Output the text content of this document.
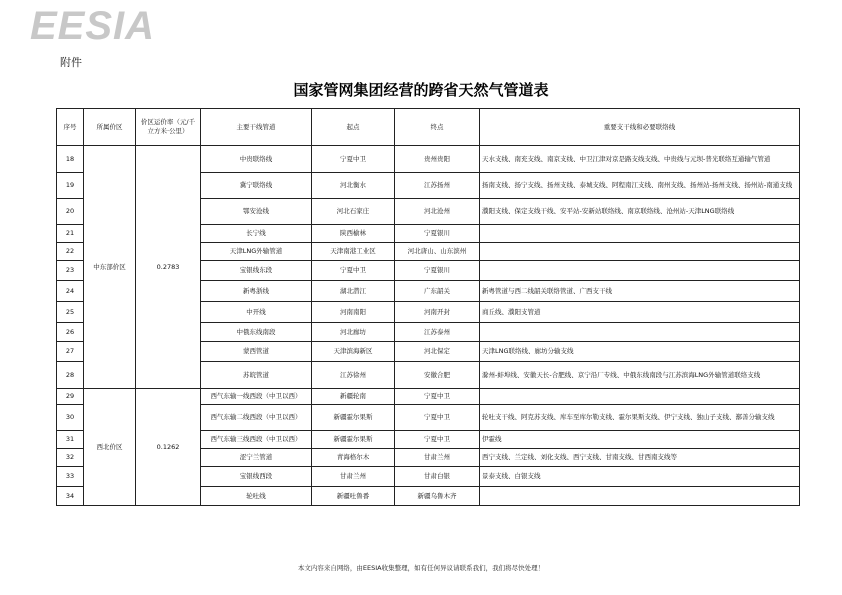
EESIA
附件
国家管网集团经营的跨省天然气管道表
序号	所属价区	价区运价率（元/千立方米·公里）	主要干线管道	起点	终点	重要支干线和必要联络线
18	中东部价区	0.2783	中贵联络线	宁夏中卫	贵州贵阳	天水支线、南充支线、南京支线、中卫江津对京是路支线支线、中贵线与元坝-普光联络互通输气管道
19			冀宁联络线	河北衡水	江苏扬州	扬南支线、扬宁支线、扬州支线、泰城支线、阿程南江支线、南州支线、扬州站-扬州支线、扬州站-南通支线
20			鄂安沧线	河北石家庄	河北沧州	濮阳支线、保定支线干线、安平站-安新站联络线、南京联络线、沧州站-天津LNG联络线
21			长宁线	陕西榆林	宁夏银川	
22			天津LNG外输管道	天津南港工业区	河北唐山、山东滨州	
23			宝银线东段	宁夏中卫	宁夏银川	
24			新粤浙线	湖北潜江	广东韶关	新粤管道与西二线韶关联络管道、广西支干线
25			中开线	河南南阳	河南开封	商丘线、濮阳支管道
26			中俄东线南段	河北廊坊	江苏泰州	
27			蒙西管道	天津滨海新区	河北保定	天津LNG联络线、廊坊分输支线
28			苏皖管道	江苏徐州	安徽合肥	滁州-蚌埠线、安徽天长-合肥线、京宁沿厂专线、中俄东线南段与江苏滨海LNG外输管道联络支线
29	西北价区	0.1262	西气东输一线西段（中卫以西）	新疆轮南	宁夏中卫	
30			西气东输二线西段（中卫以西）	新疆霍尔果斯	宁夏中卫	轮吐支干线、阿克苏支线、库车至库尔勒支线、霍尔果斯支线、伊宁支线、独山子支线、鄯善分输支线
31			西气东输三线西段（中卫以西）	新疆霍尔果斯	宁夏中卫	伊霍线
32			涩宁兰管道	青海格尔木	甘肃兰州	西宁支线、兰定线、刘化支线、西宁支线、甘南支线、甘西南支线等
33			宝银线西段	甘肃兰州	甘肃白银	景泰支线、白银支线
34			轮吐线	新疆吐鲁番	新疆乌鲁木齐	
本文内容来自网络，由EESIA收集整理，如有任何异议请联系我们，我们将尽快处理！
